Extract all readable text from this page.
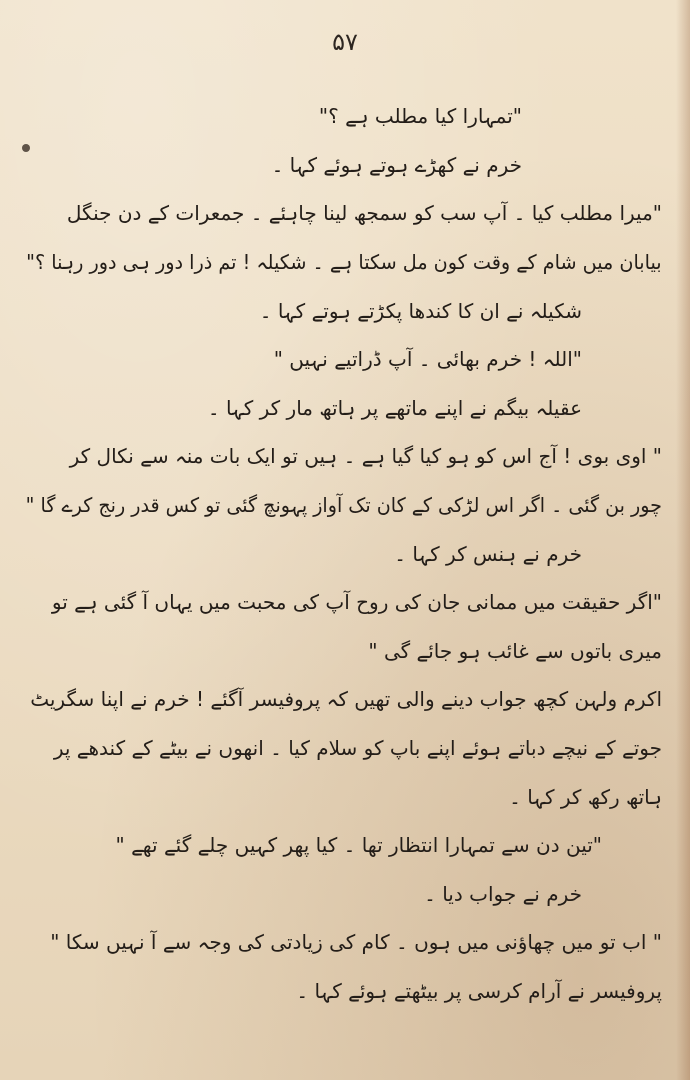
۵۷
"تمہارا کیا مطلب ہے ؟"
خرم نے کھڑے ہوتے ہوئے کہا ۔
"میرا مطلب کیا ۔ آپ سب کو سمجھ لینا چاہئے ۔ جمعرات کے دن جنگل
بیابان میں شام کے وقت کون مل سکتا ہے ۔ شکیلہ ! تم ذرا دور ہی دور رہنا ؟"
شکیلہ نے ان کا کندھا پکڑتے ہوتے کہا ۔
"اللہ ! خرم بھائی ۔ آپ ڈراتیے نہیں "
عقیلہ بیگم نے اپنے ماتھے پر ہاتھ مار کر کہا ۔
" اوی بوی ! آج اس کو ہو کیا گیا ہے ۔ ہیں تو ایک بات منہ سے نکال کر
چور بن گئی ۔ اگر اس لڑکی کے کان تک آواز پہونچ گئی تو کس قدر رنج کرے گا "
خرم نے ہنس کر کہا ۔
"اگر حقیقت میں ممانی جان کی روح آپ کی محبت میں یہاں آ گئی ہے تو
میری باتوں سے غائب ہو جائے گی "
اکرم ولہن کچھ جواب دینے والی تھیں کہ پروفیسر آگئے ! خرم نے اپنا سگریٹ
جوتے کے نیچے دباتے ہوئے اپنے باپ کو سلام کیا ۔ انھوں نے بیٹے کے کندھے پر
ہاتھ رکھ کر کہا ۔
"تین دن سے تمہارا انتظار تھا ۔ کیا پھر کہیں چلے گئے تھے "
خرم نے جواب دیا ۔
" اب تو میں چھاؤنی میں ہوں ۔ کام کی زیادتی کی وجہ سے آ نہیں سکا "
پروفیسر نے آرام کرسی پر بیٹھتے ہوئے کہا ۔
